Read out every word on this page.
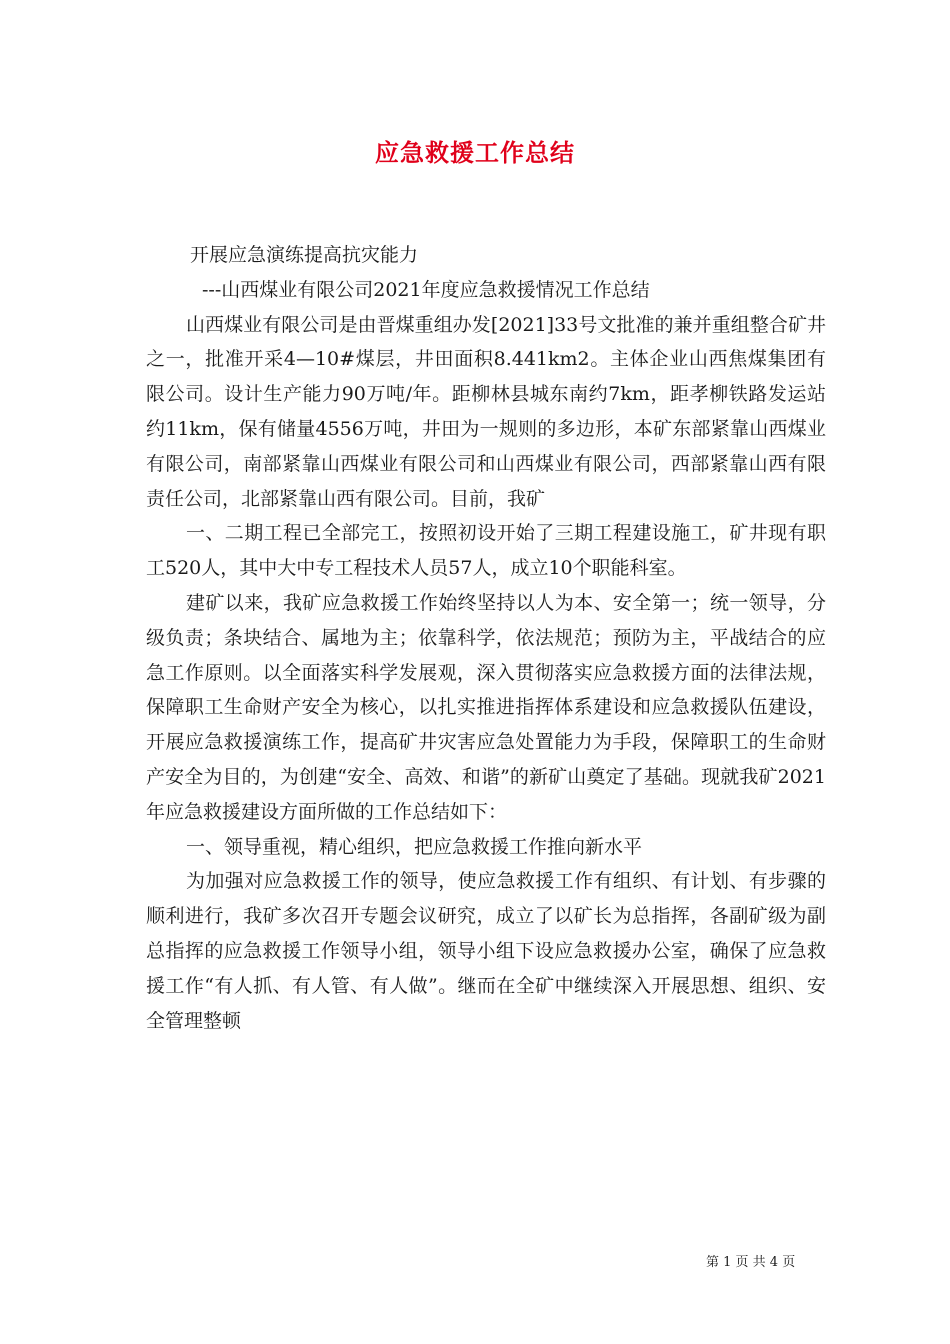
应急救援工作总结

开展应急演练提高抗灾能力

---山西煤业有限公司2021年度应急救援情况工作总结

山西煤业有限公司是由晋煤重组办发[2021]33号文批准的兼并重组整合矿井之一，批准开采4—10#煤层，井田面积8.441km2。主体企业山西焦煤集团有限公司。设计生产能力90万吨/年。距柳林县城东南约7km，距孝柳铁路发运站约11km，保有储量4556万吨，井田为一规则的多边形，本矿东部紧靠山西煤业有限公司，南部紧靠山西煤业有限公司和山西煤业有限公司，西部紧靠山西有限责任公司，北部紧靠山西有限公司。目前，我矿

一、二期工程已全部完工，按照初设开始了三期工程建设施工，矿井现有职工520人，其中大中专工程技术人员57人，成立10个职能科室。

建矿以来，我矿应急救援工作始终坚持以人为本、安全第一；统一领导，分级负责；条块结合、属地为主；依靠科学，依法规范；预防为主，平战结合的应急工作原则。以全面落实科学发展观，深入贯彻落实应急救援方面的法律法规，保障职工生命财产安全为核心，以扎实推进指挥体系建设和应急救援队伍建设，开展应急救援演练工作，提高矿井灾害应急处置能力为手段，保障职工的生命财产安全为目的，为创建“安全、高效、和谐”的新矿山奠定了基础。现就我矿2021年应急救援建设方面所做的工作总结如下：

一、领导重视，精心组织，把应急救援工作推向新水平

为加强对应急救援工作的领导，使应急救援工作有组织、有计划、有步骤的顺利进行，我矿多次召开专题会议研究，成立了以矿长为总指挥，各副矿级为副总指挥的应急救援工作领导小组，领导小组下设应急救援办公室，确保了应急救援工作“有人抓、有人管、有人做”。继而在全矿中继续深入开展思想、组织、安全管理整顿

第 1 页 共 4 页
